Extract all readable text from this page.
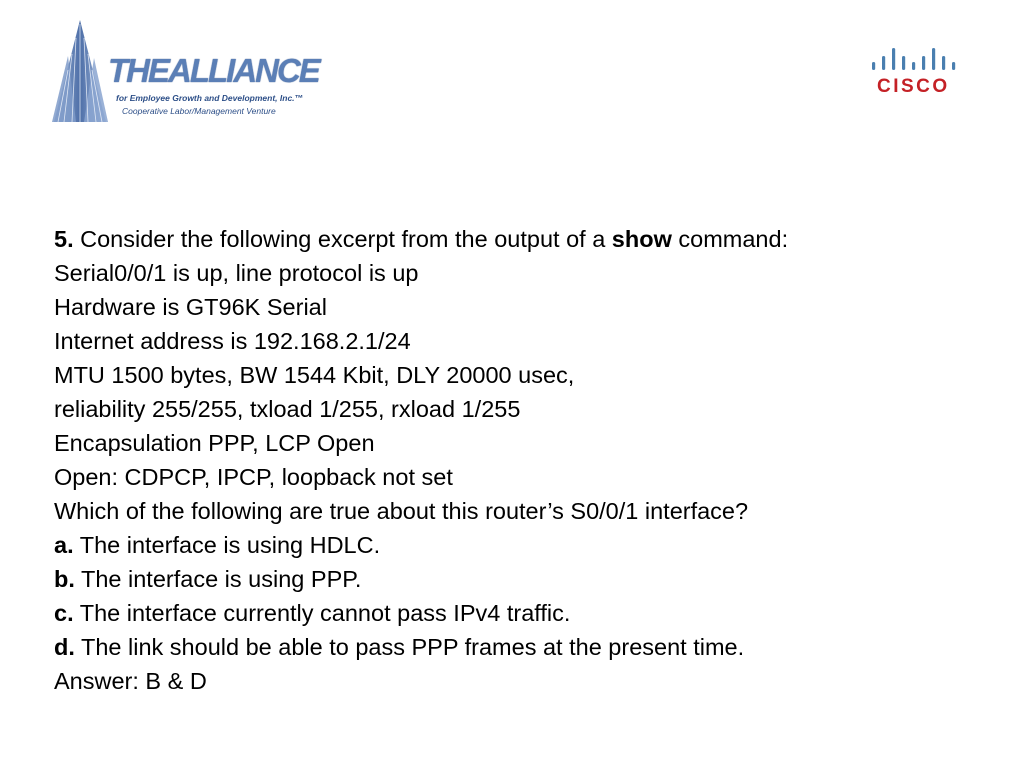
THEALLIANCE
for Employee Growth and Development, Inc.™
Cooperative Labor/Management Venture
CISCO
5. Consider the following excerpt from the output of a show command:
Serial0/0/1 is up, line protocol is up
Hardware is GT96K Serial
Internet address is 192.168.2.1/24
MTU 1500 bytes, BW 1544 Kbit, DLY 20000 usec,
reliability 255/255, txload 1/255, rxload 1/255
Encapsulation PPP, LCP Open
Open: CDPCP, IPCP, loopback not set
Which of the following are true about this router’s S0/0/1 interface?
a. The interface is using HDLC.
b. The interface is using PPP.
c. The interface currently cannot pass IPv4 traffic.
d. The link should be able to pass PPP frames at the present time.
Answer: B & D
